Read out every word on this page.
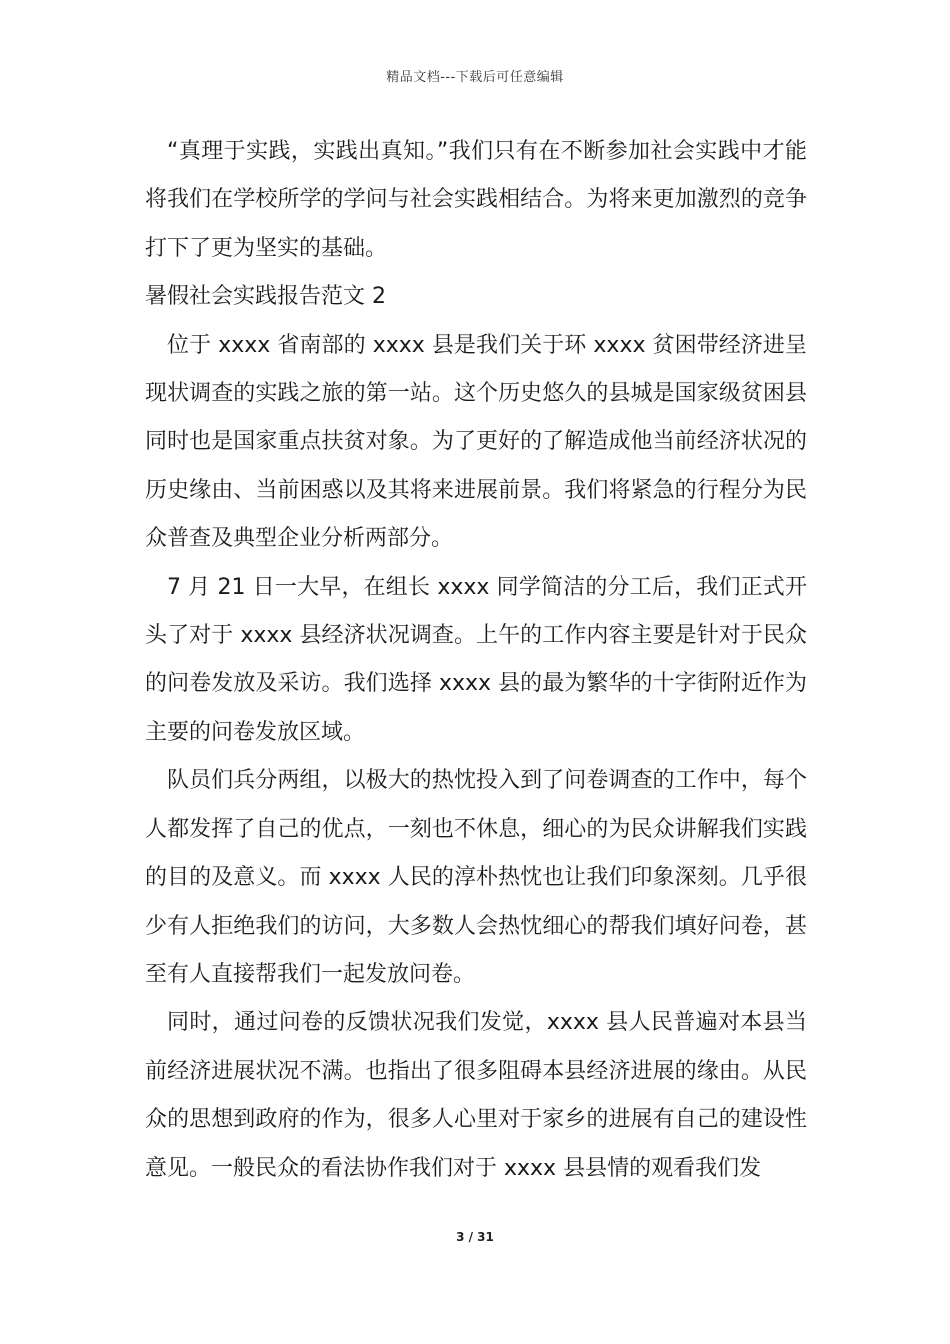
精品文档---下载后可任意编辑

“真理于实践，实践出真知。”我们只有在不断参加社会实践中才能将我们在学校所学的学问与社会实践相结合。为将来更加激烈的竞争打下了更为坚实的基础。

暑假社会实践报告范文 2

位于 xxxx 省南部的 xxxx 县是我们关于环 xxxx 贫困带经济进呈现状调查的实践之旅的第一站。这个历史悠久的县城是国家级贫困县同时也是国家重点扶贫对象。为了更好的了解造成他当前经济状况的历史缘由、当前困惑以及其将来进展前景。我们将紧急的行程分为民众普查及典型企业分析两部分。

7 月 21 日一大早，在组长 xxxx 同学简洁的分工后，我们正式开头了对于 xxxx 县经济状况调查。上午的工作内容主要是针对于民众的问卷发放及采访。我们选择 xxxx 县的最为繁华的十字街附近作为主要的问卷发放区域。

队员们兵分两组，以极大的热忱投入到了问卷调查的工作中，每个人都发挥了自己的优点，一刻也不休息，细心的为民众讲解我们实践的目的及意义。而 xxxx 人民的淳朴热忱也让我们印象深刻。几乎很少有人拒绝我们的访问，大多数人会热忱细心的帮我们填好问卷，甚至有人直接帮我们一起发放问卷。

同时，通过问卷的反馈状况我们发觉，xxxx 县人民普遍对本县当前经济进展状况不满。也指出了很多阻碍本县经济进展的缘由。从民众的思想到政府的作为，很多人心里对于家乡的进展有自己的建设性意见。一般民众的看法协作我们对于 xxxx 县县情的观看我们发

3 / 31
